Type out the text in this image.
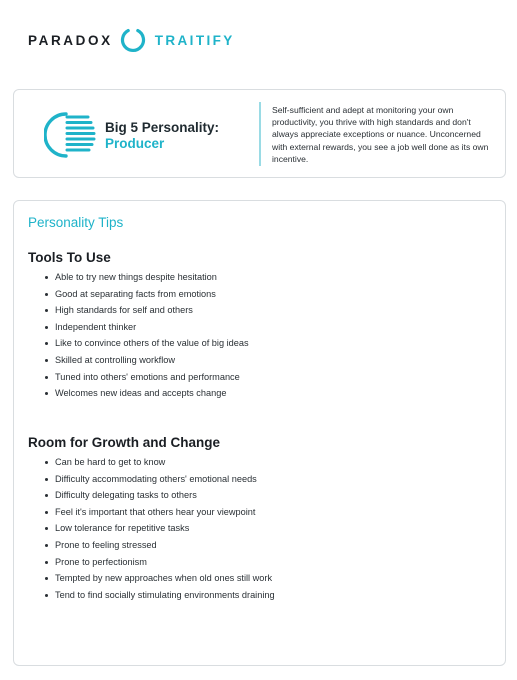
PARADOX	TRAITIFY
Big 5 Personality:
Producer

Self-sufficient and adept at monitoring your own productivity, you thrive with high standards and don't always appreciate exceptions or nuance. Unconcerned with external rewards, you see a job well done as its own incentive.

Personality Tips
Tools To Use
Able to try new things despite hesitation
Good at separating facts from emotions
High standards for self and others
Independent thinker
Like to convince others of the value of big ideas
Skilled at controlling workflow
Tuned into others' emotions and performance
Welcomes new ideas and accepts change
Room for Growth and Change
Can be hard to get to know
Difficulty accommodating others' emotional needs
Difficulty delegating tasks to others
Feel it's important that others hear your viewpoint
Low tolerance for repetitive tasks
Prone to feeling stressed
Prone to perfectionism
Tempted by new approaches when old ones still work
Tend to find socially stimulating environments draining
